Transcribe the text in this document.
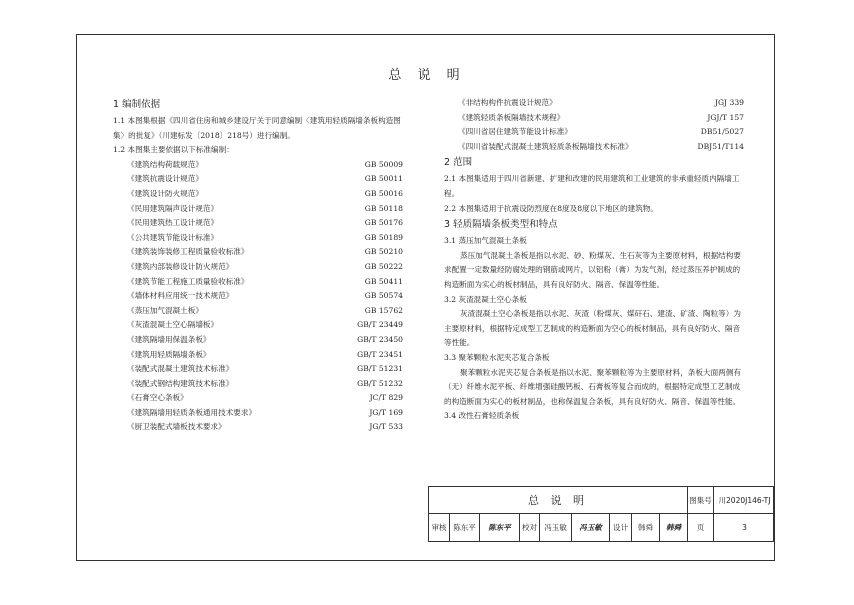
总 说 明
1 编制依据

1.1 本图集根据《四川省住房和城乡建设厅关于同意编制〈建筑用轻质隔墙条板构造图集〉的批复》（川建标发〔2018〕218号）进行编制。

1.2 本图集主要依据以下标准编制：

《建筑结构荷载规范》	GB 50009
《建筑抗震设计规范》	GB 50011
《建筑设计防火规范》	GB 50016
《民用建筑隔声设计规范》	GB 50118
《民用建筑热工设计规范》	GB 50176
《公共建筑节能设计标准》	GB 50189
《建筑装饰装修工程质量验收标准》	GB 50210
《建筑内部装修设计防火规范》	GB 50222
《建筑节能工程施工质量验收标准》	GB 50411
《墙体材料应用统一技术规范》	GB 50574
《蒸压加气混凝土板》	GB 15762
《灰渣混凝土空心隔墙板》	GB/T 23449
《建筑隔墙用保温条板》	GB/T 23450
《建筑用轻质隔墙条板》	GB/T 23451
《装配式混凝土建筑技术标准》	GB/T 51231
《装配式钢结构建筑技术标准》	GB/T 51232
《石膏空心条板》	JC/T 829
《建筑隔墙用轻质条板通用技术要求》	JG/T 169
《厨卫装配式墙板技术要求》	JG/T 533
《非结构构件抗震设计规范》	JGJ 339
《建筑轻质条板隔墙技术规程》	JGJ/T 157
《四川省居住建筑节能设计标准》	DB51/5027
《四川省装配式混凝土建筑轻质条板隔墙技术标准》	DBJ51/T114
2 范围

2.1 本图集适用于四川省新建、扩建和改建的民用建筑和工业建筑的非承重轻质内隔墙工程。

2.2 本图集适用于抗震设防烈度在8度及8度以下地区的建筑物。

3 轻质隔墙条板类型和特点

3.1 蒸压加气混凝土条板

蒸压加气混凝土条板是指以水泥、砂、粉煤灰、生石灰等为主要原材料，根据结构要求配置一定数量经防腐处理的钢筋或网片，以铝粉（膏）为发气剂，经过蒸压养护制成的构造断面为实心的板材制品，具有良好防火、隔音、保温等性能。

3.2 灰渣混凝土空心条板

灰渣混凝土空心条板是指以水泥、灰渣（粉煤灰、煤矸石、建渣、矿渣、陶粒等）为主要原材料，根据特定成型工艺制成的构造断面为空心的板材制品，具有良好防火、隔音等性能。

3.3 聚苯颗粒水泥夹芯复合条板

聚苯颗粒水泥夹芯复合条板是指以水泥、聚苯颗粒等为主要原材料，条板大面两侧有（无）纤维水泥平板、纤维增强硅酸钙板、石膏板等复合而成的，根据特定成型工艺制成的构造断面为实心的板材制品，也称保温复合条板，具有良好防火、隔音、保温等性能。

3.4 改性石膏轻质条板

总 说 明	图集号 川2020J146-TJ
审核 陈东平	陈东平	校对 冯玉敏	冯玉敏	设计	韩舜	韩舜	页	3
